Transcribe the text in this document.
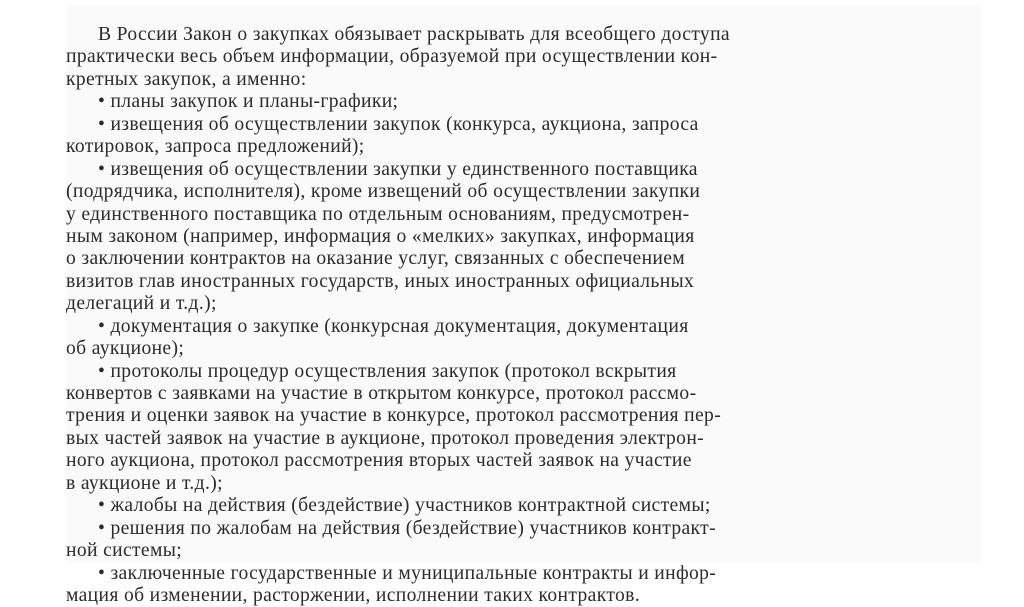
В России Закон о закупках обязывает раскрывать для всеобщего доступа
практически весь объем информации, образуемой при осуществлении кон-
кретных закупок, а именно:
• планы закупок и планы-графики;
• извещения об осуществлении закупок (конкурса, аукциона, запроса
котировок, запроса предложений);
• извещения об осуществлении закупки у единственного поставщика
(подрядчика, исполнителя), кроме извещений об осуществлении закупки
у единственного поставщика по отдельным основаниям, предусмотрен-
ным законом (например, информация о «мелких» закупках, информация
о заключении контрактов на оказание услуг, связанных с обеспечением
визитов глав иностранных государств, иных иностранных официальных
делегаций и т.д.);
• документация о закупке (конкурсная документация, документация
об аукционе);
• протоколы процедур осуществления закупок (протокол вскрытия
конвертов с заявками на участие в открытом конкурсе, протокол рассмо-
трения и оценки заявок на участие в конкурсе, протокол рассмотрения пер-
вых частей заявок на участие в аукционе, протокол проведения электрон-
ного аукциона, протокол рассмотрения вторых частей заявок на участие
в аукционе и т.д.);
• жалобы на действия (бездействие) участников контрактной системы;
• решения по жалобам на действия (бездействие) участников контракт-
ной системы;
• заключенные государственные и муниципальные контракты и инфор-
мация об изменении, расторжении, исполнении таких контрактов.
